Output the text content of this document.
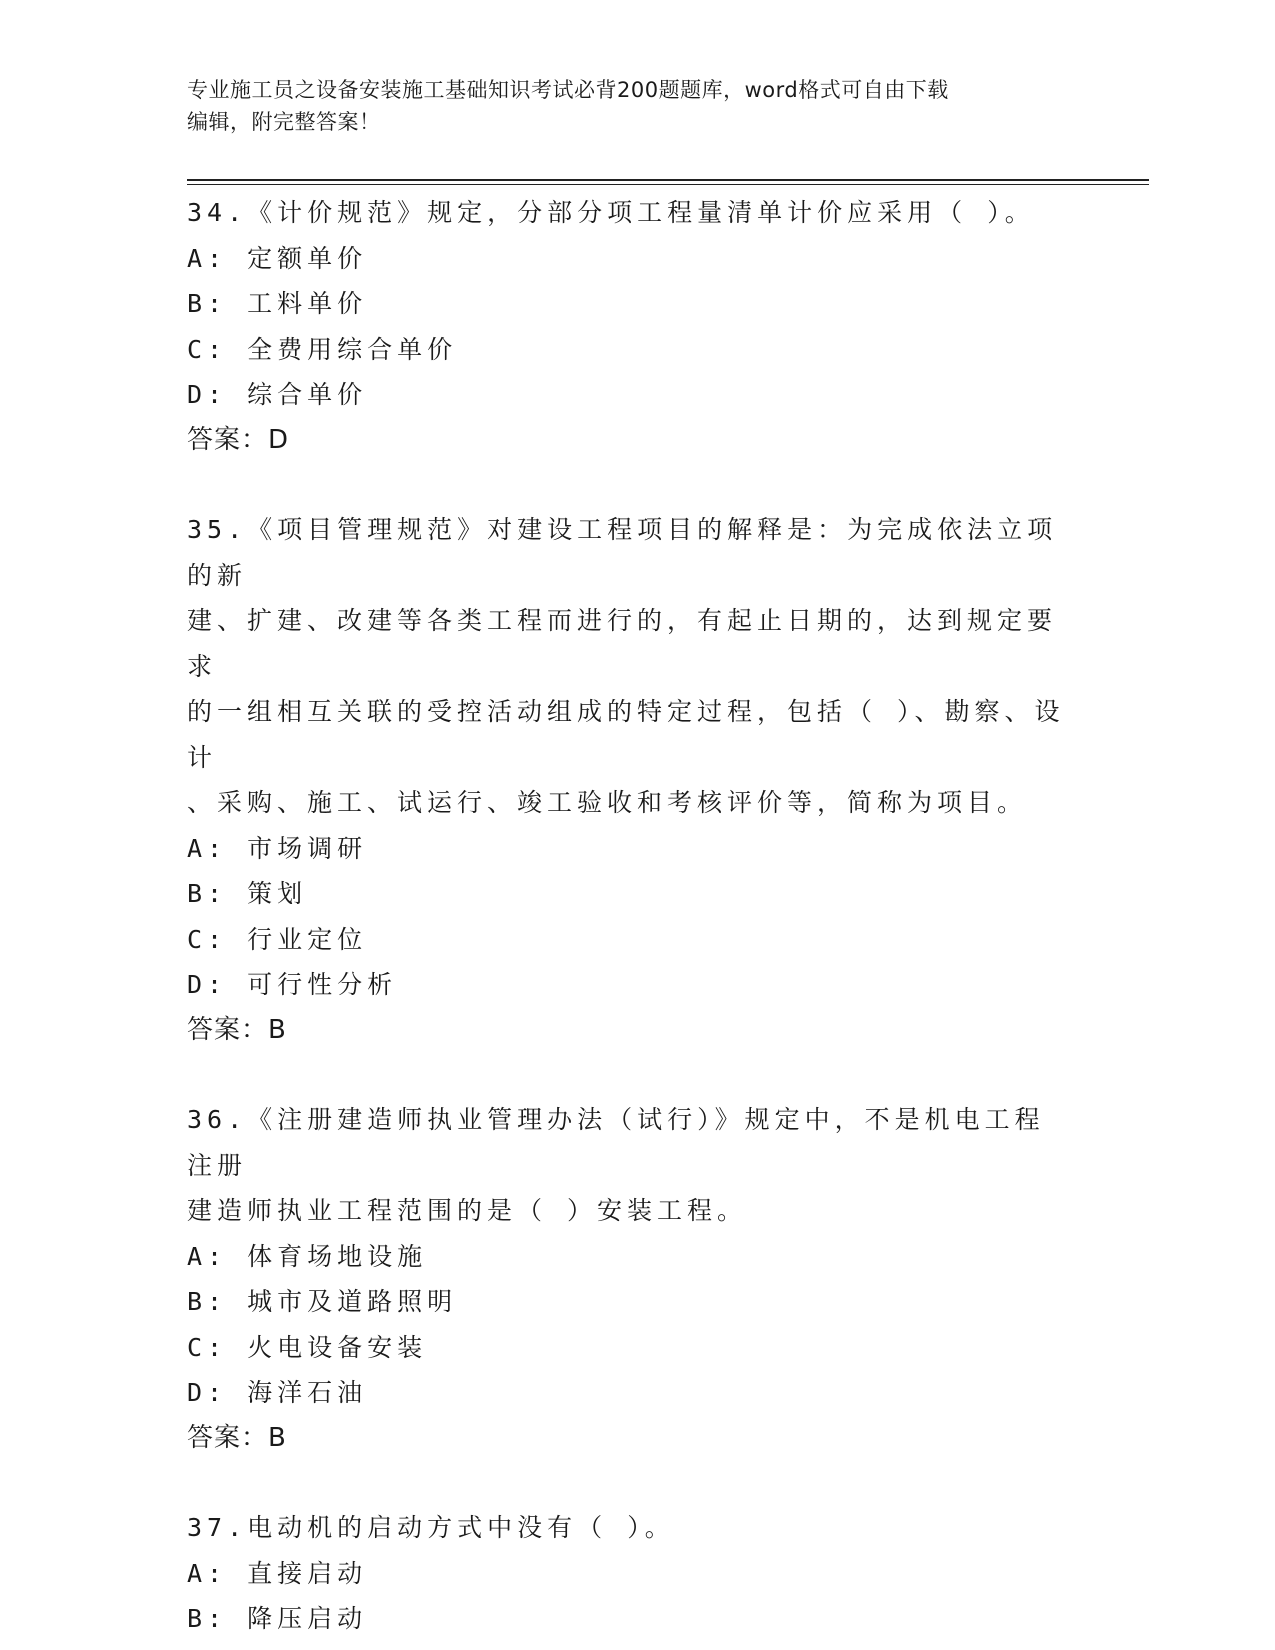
专业施工员之设备安装施工基础知识考试必背200题题库，word格式可自由下载
编辑，附完整答案！
34.《计价规范》规定，分部分项工程量清单计价应采用（ ）。
A: 定额单价
B: 工料单价
C: 全费用综合单价
D: 综合单价
答案：D
35.《项目管理规范》对建设工程项目的解释是：为完成依法立项的新
建、扩建、改建等各类工程而进行的，有起止日期的，达到规定要求
的一组相互关联的受控活动组成的特定过程，包括（ ）、勘察、设计
、采购、施工、试运行、竣工验收和考核评价等，简称为项目。
A: 市场调研
B: 策划
C: 行业定位
D: 可行性分析
答案：B
36.《注册建造师执业管理办法（试行）》规定中，不是机电工程注册
建造师执业工程范围的是（ ）安装工程。
A: 体育场地设施
B: 城市及道路照明
C: 火电设备安装
D: 海洋石油
答案：B
37.电动机的启动方式中没有（ ）。
A: 直接启动
B: 降压启动
